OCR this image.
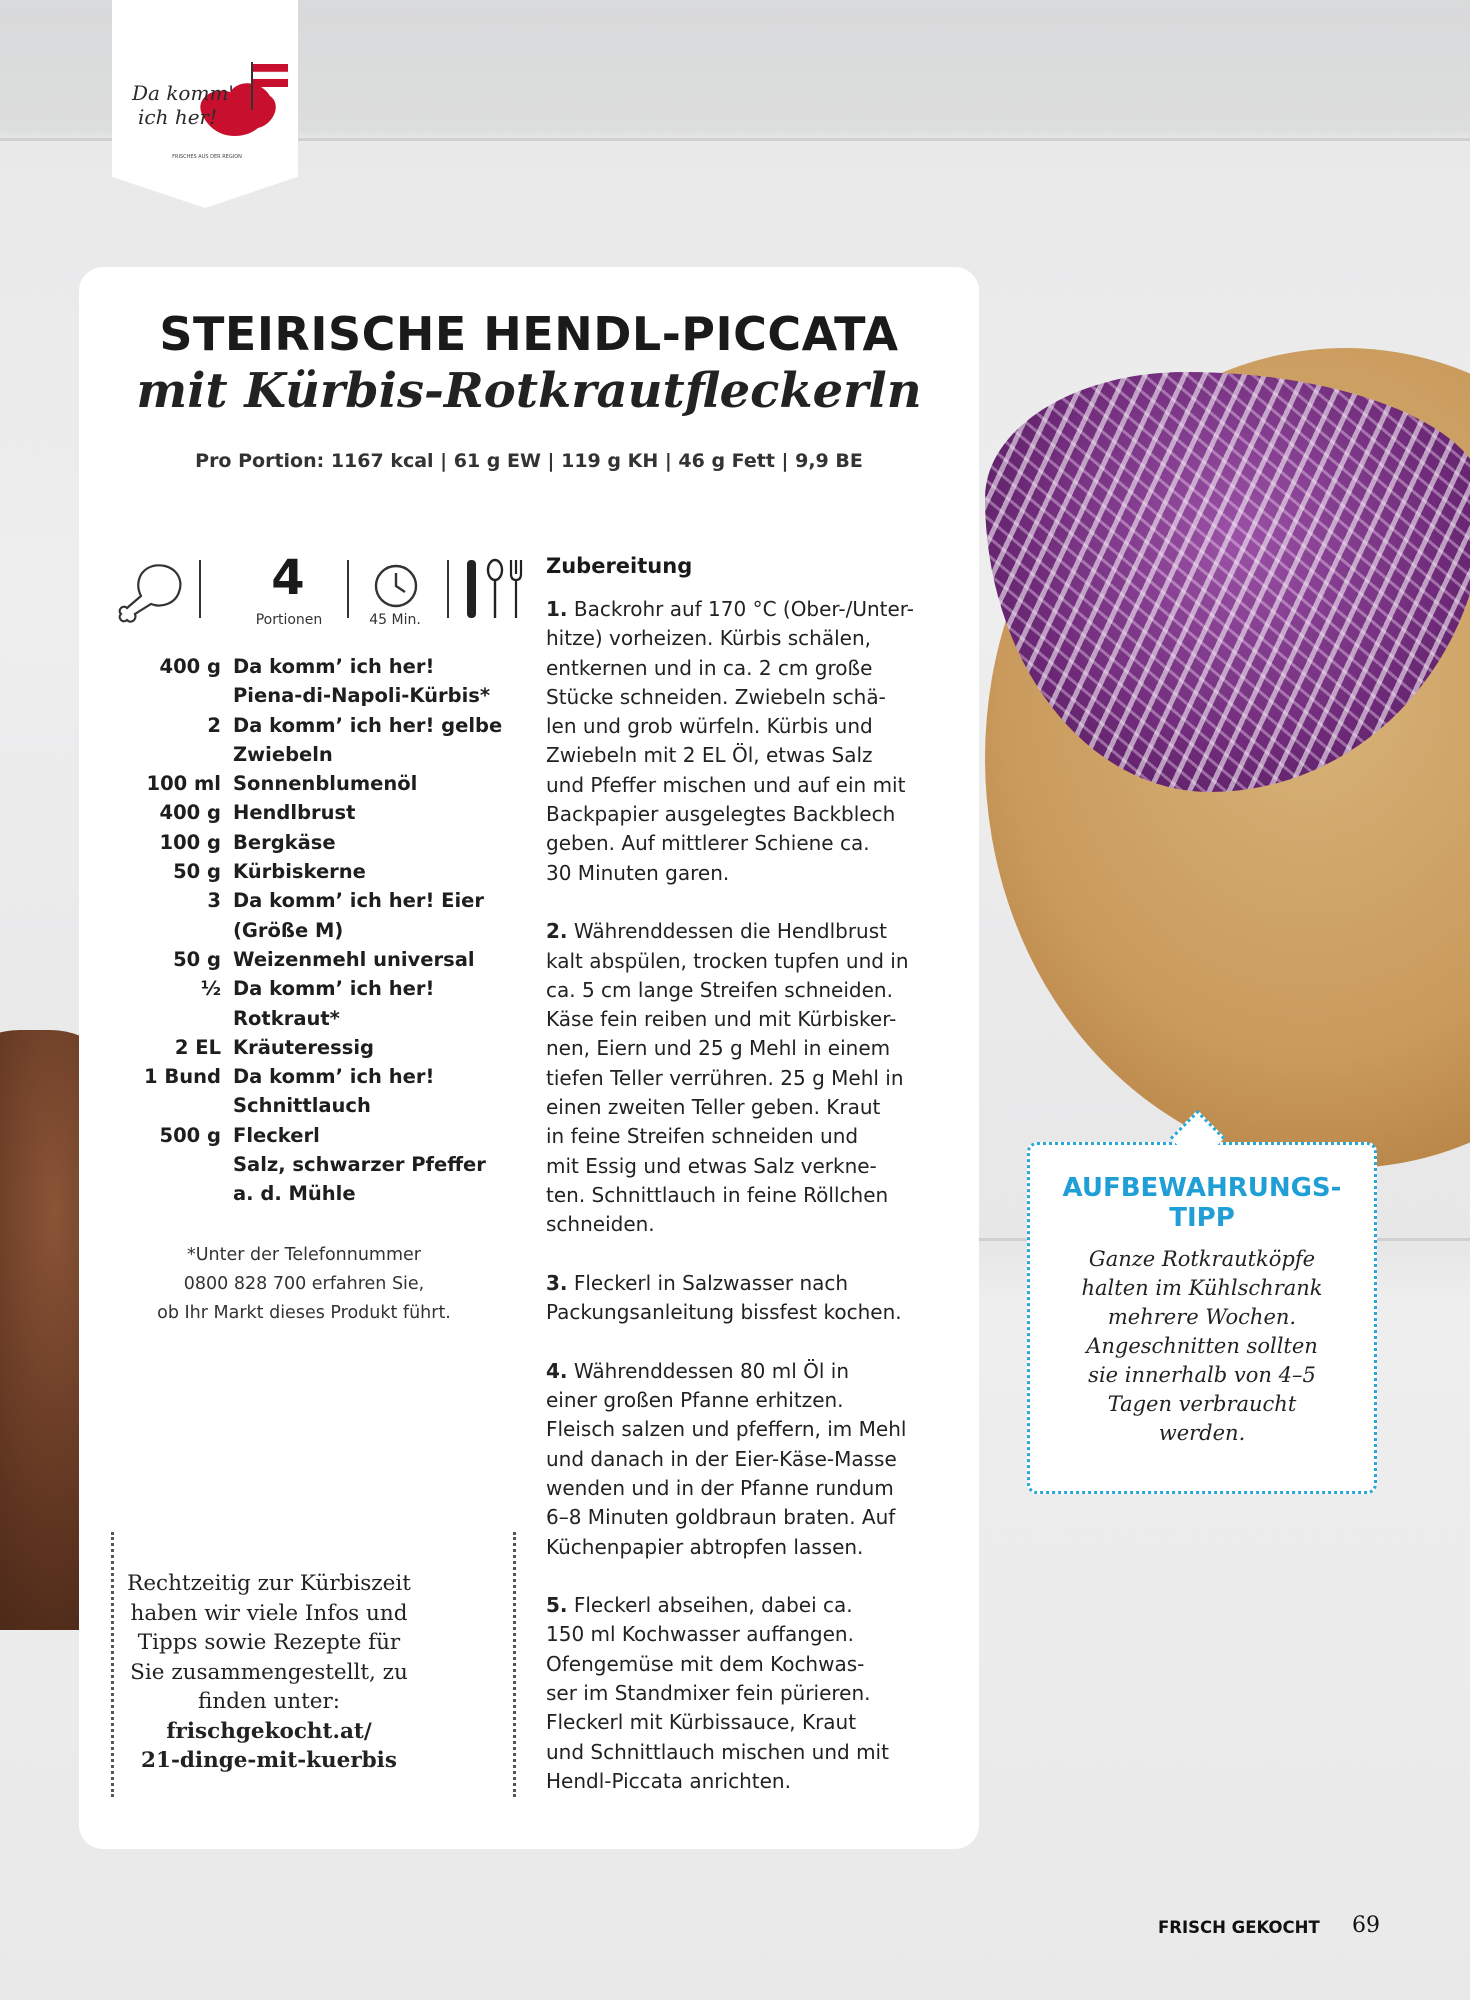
Da komm'
ich her!
FRISCHES AUS DER REGION
STEIRISCHE HENDL-PICCATA
mit Kürbis-Rotkrautfleckerln
Pro Portion: 1167 kcal | 61 g EW | 119 g KH | 46 g Fett | 9,9 BE
4
Portionen	45 Min.
400 g Da komm’ ich her!
Piena-di-Napoli-Kürbis*
2 Da komm’ ich her! gelbe
Zwiebeln
100 ml Sonnenblumenöl
400 g Hendlbrust
100 g Bergkäse
50 g Kürbiskerne
3 Da komm’ ich her! Eier
(Größe M)
50 g Weizenmehl universal
½ Da komm’ ich her!
Rotkraut*
2 EL Kräuteressig
1 Bund Da komm’ ich her!
Schnittlauch
500 g Fleckerl
Salz, schwarzer Pfeffer
a. d. Mühle
*Unter der Telefonnummer
0800 828 700 erfahren Sie,
ob Ihr Markt dieses Produkt führt.
Rechtzeitig zur Kürbiszeit haben wir viele Infos und Tipps sowie Rezepte für Sie zusammengestellt, zu finden unter:
frischgekocht.at/
21-dinge-mit-kuerbis
Zubereitung
1. Backrohr auf 170 °C (Ober-/Unter-
hitze) vorheizen. Kürbis schälen,
entkernen und in ca. 2 cm große
Stücke schneiden. Zwiebeln schä-
len und grob würfeln. Kürbis und
Zwiebeln mit 2 EL Öl, etwas Salz
und Pfeffer mischen und auf ein mit
Backpapier ausgelegtes Backblech
geben. Auf mittlerer Schiene ca.
30 Minuten garen.
2. Währenddessen die Hendlbrust
kalt abspülen, trocken tupfen und in
ca. 5 cm lange Streifen schneiden.
Käse fein reiben und mit Kürbisker-
nen, Eiern und 25 g Mehl in einem
tiefen Teller verrühren. 25 g Mehl in
einen zweiten Teller geben. Kraut
in feine Streifen schneiden und
mit Essig und etwas Salz verkne-
ten. Schnittlauch in feine Röllchen
schneiden.
3. Fleckerl in Salzwasser nach
Packungsanleitung bissfest kochen.
4. Währenddessen 80 ml Öl in
einer großen Pfanne erhitzen.
Fleisch salzen und pfeffern, im Mehl
und danach in der Eier-Käse-Masse
wenden und in der Pfanne rundum
6–8 Minuten goldbraun braten. Auf
Küchenpapier abtropfen lassen.
5. Fleckerl abseihen, dabei ca.
150 ml Kochwasser auffangen.
Ofengemüse mit dem Kochwas-
ser im Standmixer fein pürieren.
Fleckerl mit Kürbissauce, Kraut
und Schnittlauch mischen und mit
Hendl-Piccata anrichten.
AUFBEWAHRUNGS-
TIPP
Ganze Rotkrautköpfe
halten im Kühlschrank
mehrere Wochen.
Angeschnitten sollten
sie innerhalb von 4–5
Tagen verbraucht
werden.
FRISCH GEKOCHT 69
